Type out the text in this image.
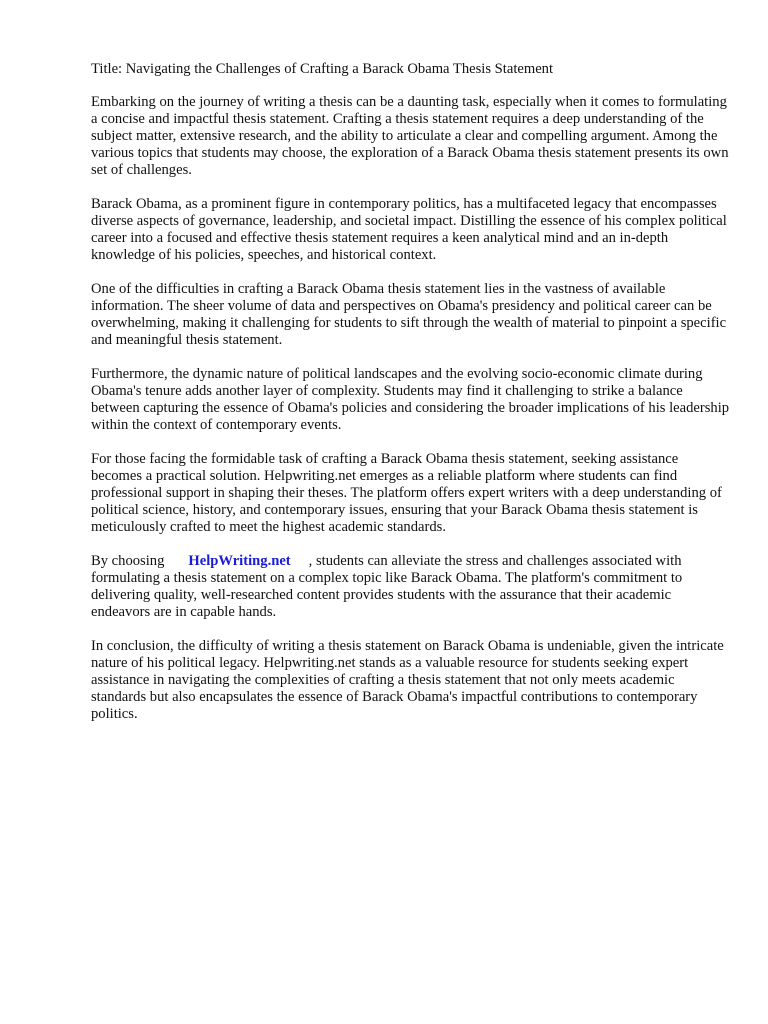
Title: Navigating the Challenges of Crafting a Barack Obama Thesis Statement

Embarking on the journey of writing a thesis can be a daunting task, especially when it comes to formulating a concise and impactful thesis statement. Crafting a thesis statement requires a deep understanding of the subject matter, extensive research, and the ability to articulate a clear and compelling argument. Among the various topics that students may choose, the exploration of a Barack Obama thesis statement presents its own set of challenges.

Barack Obama, as a prominent figure in contemporary politics, has a multifaceted legacy that encompasses diverse aspects of governance, leadership, and societal impact. Distilling the essence of his complex political career into a focused and effective thesis statement requires a keen analytical mind and an in-depth knowledge of his policies, speeches, and historical context.

One of the difficulties in crafting a Barack Obama thesis statement lies in the vastness of available information. The sheer volume of data and perspectives on Obama's presidency and political career can be overwhelming, making it challenging for students to sift through the wealth of material to pinpoint a specific and meaningful thesis statement.

Furthermore, the dynamic nature of political landscapes and the evolving socio-economic climate during Obama's tenure adds another layer of complexity. Students may find it challenging to strike a balance between capturing the essence of Obama's policies and considering the broader implications of his leadership within the context of contemporary events.

For those facing the formidable task of crafting a Barack Obama thesis statement, seeking assistance becomes a practical solution. Helpwriting.net emerges as a reliable platform where students can find professional support in shaping their theses. The platform offers expert writers with a deep understanding of political science, history, and contemporary issues, ensuring that your Barack Obama thesis statement is meticulously crafted to meet the highest academic standards.

By choosing HelpWriting.net , students can alleviate the stress and challenges associated with formulating a thesis statement on a complex topic like Barack Obama. The platform's commitment to delivering quality, well-researched content provides students with the assurance that their academic endeavors are in capable hands.

In conclusion, the difficulty of writing a thesis statement on Barack Obama is undeniable, given the intricate nature of his political legacy. Helpwriting.net stands as a valuable resource for students seeking expert assistance in navigating the complexities of crafting a thesis statement that not only meets academic standards but also encapsulates the essence of Barack Obama's impactful contributions to contemporary politics.
